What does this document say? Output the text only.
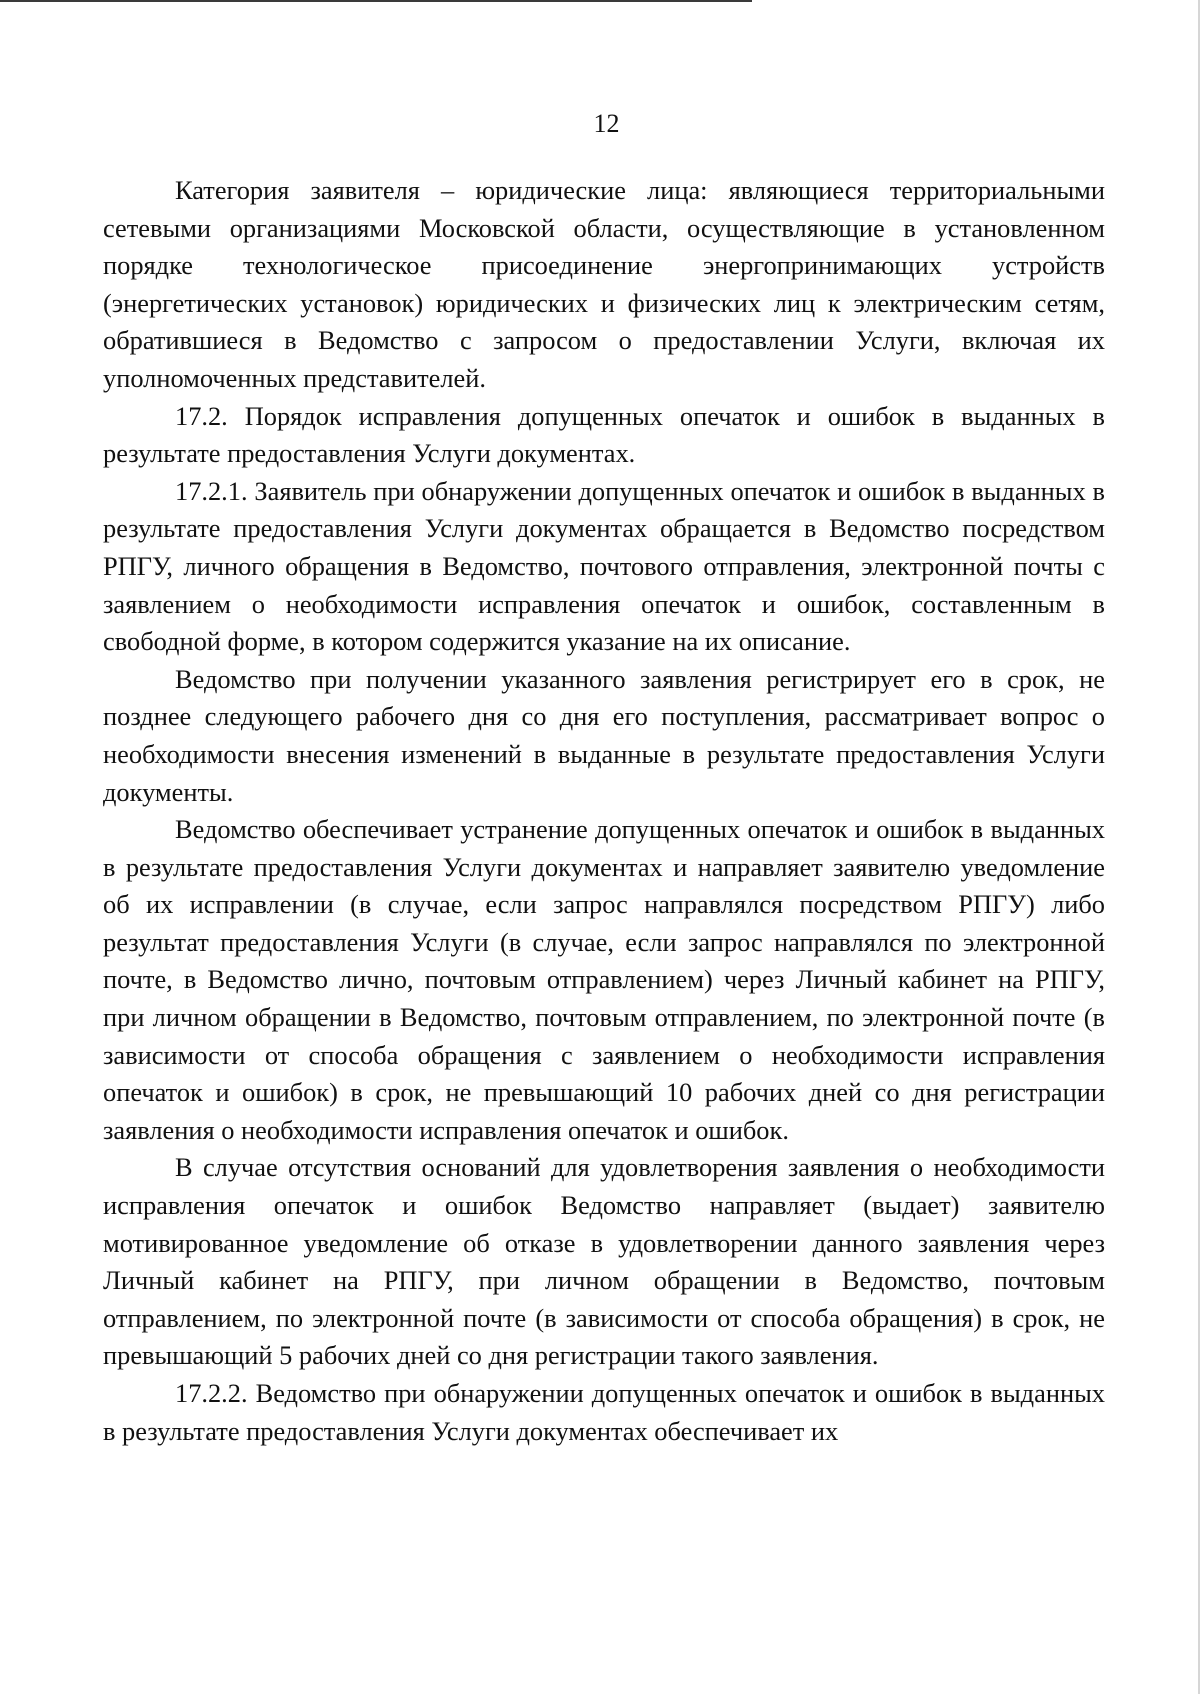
12

Категория заявителя – юридические лица: являющиеся территориальными сетевыми организациями Московской области, осуществляющие в установленном порядке технологическое присоединение энергопринимающих устройств (энергетических установок) юридических и физических лиц к электрическим сетям, обратившиеся в Ведомство с запросом о предоставлении Услуги, включая их уполномоченных представителей.

17.2. Порядок исправления допущенных опечаток и ошибок в выданных в результате предоставления Услуги документах.

17.2.1. Заявитель при обнаружении допущенных опечаток и ошибок в выданных в результате предоставления Услуги документах обращается в Ведомство посредством РПГУ, личного обращения в Ведомство, почтового отправления, электронной почты с заявлением о необходимости исправления опечаток и ошибок, составленным в свободной форме, в котором содержится указание на их описание.

Ведомство при получении указанного заявления регистрирует его в срок, не позднее следующего рабочего дня со дня его поступления, рассматривает вопрос о необходимости внесения изменений в выданные в результате предоставления Услуги документы.

Ведомство обеспечивает устранение допущенных опечаток и ошибок в выданных в результате предоставления Услуги документах и направляет заявителю уведомление об их исправлении (в случае, если запрос направлялся посредством РПГУ) либо результат предоставления Услуги (в случае, если запрос направлялся по электронной почте, в Ведомство лично, почтовым отправлением) через Личный кабинет на РПГУ, при личном обращении в Ведомство, почтовым отправлением, по электронной почте (в зависимости от способа обращения с заявлением о необходимости исправления опечаток и ошибок) в срок, не превышающий 10 рабочих дней со дня регистрации заявления о необходимости исправления опечаток и ошибок.

В случае отсутствия оснований для удовлетворения заявления о необходимости исправления опечаток и ошибок Ведомство направляет (выдает) заявителю мотивированное уведомление об отказе в удовлетворении данного заявления через Личный кабинет на РПГУ, при личном обращении в Ведомство, почтовым отправлением, по электронной почте (в зависимости от способа обращения) в срок, не превышающий 5 рабочих дней со дня регистрации такого заявления.

17.2.2. Ведомство при обнаружении допущенных опечаток и ошибок в выданных в результате предоставления Услуги документах обеспечивает их
